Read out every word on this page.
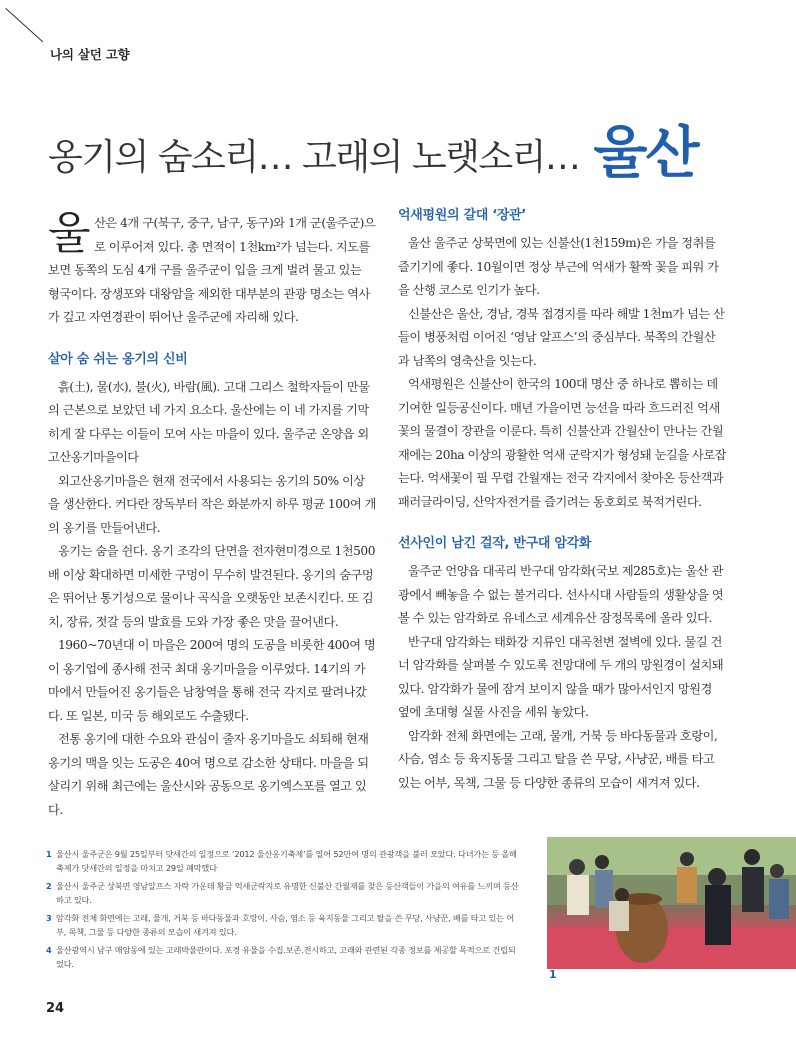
나의 살던 고향
옹기의 숨소리… 고래의 노랫소리… 울산

울산은 4개 구(북구, 중구, 남구, 동구)와 1개 군(울주군)으로 이루어져 있다. 총 면적이 1천km²가 넘는다. 지도를 보면 동쪽의 도심 4개 구를 울주군이 입을 크게 벌려 물고 있는 형국이다. 장생포와 대왕암을 제외한 대부분의 관광 명소는 역사가 깊고 자연경관이 뛰어난 울주군에 자리해 있다.

살아 숨 쉬는 옹기의 신비

흙(土), 물(水), 불(火), 바람(風). 고대 그리스 철학자들이 만물의 근본으로 보았던 네 가지 요소다. 울산에는 이 네 가지를 기막히게 잘 다루는 이들이 모여 사는 마을이 있다. 울주군 온양읍 외고산옹기마을이다

외고산옹기마을은 현재 전국에서 사용되는 옹기의 50% 이상을 생산한다. 커다란 장독부터 작은 화분까지 하루 평균 100여 개의 옹기를 만들어낸다.

옹기는 숨을 쉰다. 옹기 조각의 단면을 전자현미경으로 1천500배 이상 확대하면 미세한 구멍이 무수히 발견된다. 옹기의 숨구멍은 뛰어난 통기성으로 물이나 곡식을 오랫동안 보존시킨다. 또 김치, 장류, 젓갈 등의 발효를 도와 가장 좋은 맛을 끌어낸다.

1960~70년대 이 마을은 200여 명의 도공을 비롯한 400여 명이 옹기업에 종사해 전국 최대 옹기마을을 이루었다. 14기의 가마에서 만들어진 옹기들은 남창역을 통해 전국 각지로 팔려나갔다. 또 일본, 미국 등 해외로도 수출됐다.

전통 옹기에 대한 수요와 관심이 줄자 옹기마을도 쇠퇴해 현재 옹기의 맥을 잇는 도공은 40여 명으로 감소한 상태다. 마을을 되살리기 위해 최근에는 울산시와 공동으로 옹기엑스포를 열고 있다.

억새평원의 갈대 ‘장관’

울산 울주군 상북면에 있는 신불산(1천159m)은 가을 정취를 즐기기에 좋다. 10월이면 정상 부근에 억새가 활짝 꽃을 피워 가을 산행 코스로 인기가 높다.

신불산은 울산, 경남, 경북 접경지를 따라 해발 1천m가 넘는 산들이 병풍처럼 이어진 ‘영남 알프스’의 중심부다. 북쪽의 간월산과 남쪽의 영축산을 잇는다.

억새평원은 신불산이 한국의 100대 명산 중 하나로 뽑히는 데 기여한 일등공신이다. 매년 가을이면 능선을 따라 흐드러진 억새꽃의 물결이 장관을 이룬다. 특히 신불산과 간월산이 만나는 간월재에는 20ha 이상의 광활한 억새 군락지가 형성돼 눈길을 사로잡는다. 억새꽃이 필 무렵 간월재는 전국 각지에서 찾아온 등산객과 패러글라이딩, 산악자전거를 즐기려는 동호회로 북적거린다.

선사인이 남긴 걸작, 반구대 암각화

울주군 언양읍 대곡리 반구대 암각화(국보 제285호)는 울산 관광에서 빼놓을 수 없는 볼거리다. 선사시대 사람들의 생활상을 엿볼 수 있는 암각화로 유네스코 세계유산 잠정목록에 올라 있다.

반구대 암각화는 태화강 지류인 대곡천변 절벽에 있다. 물길 건너 암각화를 살펴볼 수 있도록 전망대에 두 개의 망원경이 설치돼 있다. 암각화가 물에 잠겨 보이지 않을 때가 많아서인지 망원경 옆에 초대형 실물 사진을 세워 놓았다.

암각화 전체 화면에는 고래, 물개, 거북 등 바다동물과 호랑이, 사슴, 염소 등 육지동물 그리고 탈을 쓴 무당, 사냥꾼, 배를 타고 있는 어부, 목책, 그물 등 다양한 종류의 모습이 새겨져 있다.

1 울산시 울주군은 9월 25일부터 닷새간의 일정으로 ‘2012 울산옹기축제’를 열어 52만여 명의 관광객을 불러 모았다. 다녀가는 등 올해 축제가 닷새간의 일정을 마치고 29일 폐막했다
2 울산시 울주군 상북면 영남알프스 자락 가운데 황금 억새군락지로 유명한 신불산 간월재를 찾은 등산객들이 가을의 여유를 느끼며 등산하고 있다.
3 암각화 전체 화면에는 고래, 물개, 거북 등 바다동물과 호랑이, 사슴, 염소 등 육지동물 그리고 탈을 쓴 무당, 사냥꾼, 배를 타고 있는 어부, 목책, 그물 등 다양한 종류의 모습이 새겨져 있다.
4 울산광역시 남구 매암동에 있는 고래박물관이다. 포경 유물을 수집.보존.전시하고, 고래와 관련된 각종 정보를 제공할 목적으로 건립되었다.
1
24
